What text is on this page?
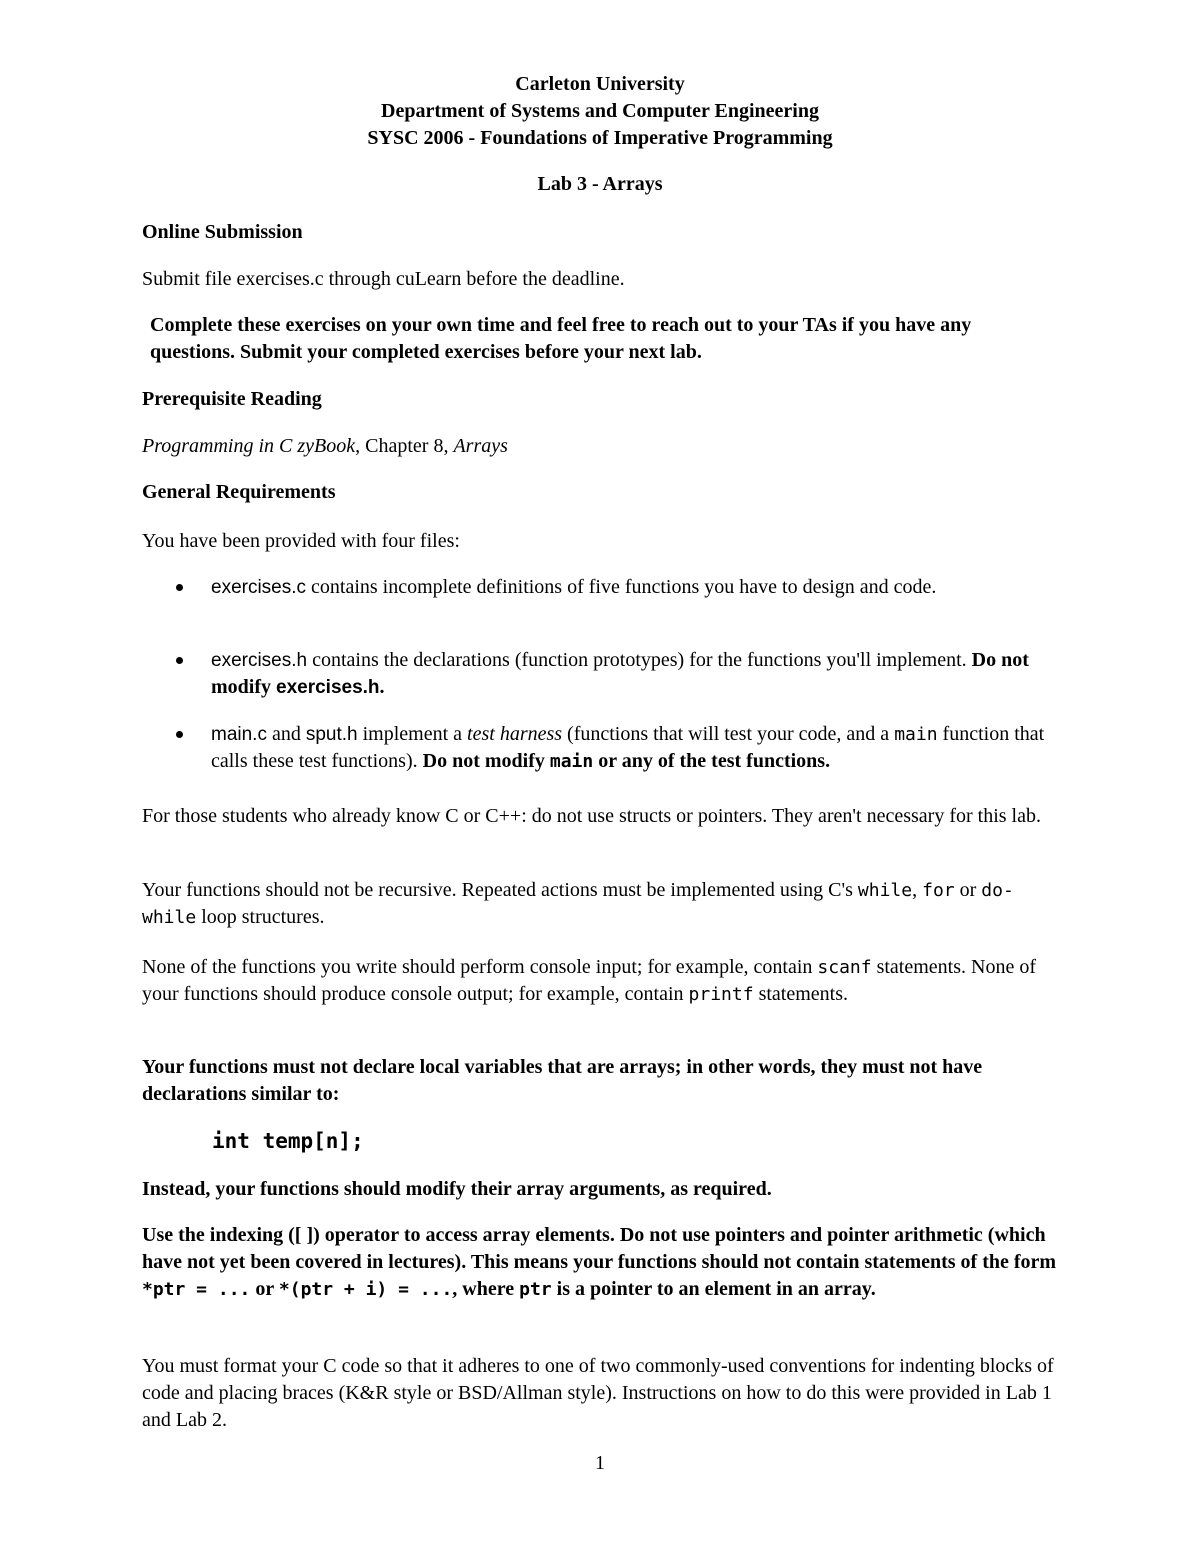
Carleton University
Department of Systems and Computer Engineering
SYSC 2006 - Foundations of Imperative Programming
Lab 3 - Arrays
Online Submission
Submit file exercises.c through cuLearn before the deadline.
Complete these exercises on your own time and feel free to reach out to your TAs if you have any questions. Submit your completed exercises before your next lab.
Prerequisite Reading
Programming in C zyBook, Chapter 8, Arrays
General Requirements
You have been provided with four files:
exercises.c contains incomplete definitions of five functions you have to design and code.
exercises.h contains the declarations (function prototypes) for the functions you'll implement. Do not modify exercises.h.
main.c and sput.h implement a test harness (functions that will test your code, and a main function that calls these test functions). Do not modify main or any of the test functions.
For those students who already know C or C++: do not use structs or pointers. They aren't necessary for this lab.
Your functions should not be recursive. Repeated actions must be implemented using C's while, for or do-while loop structures.
None of the functions you write should perform console input; for example, contain scanf statements. None of your functions should produce console output; for example, contain printf statements.
Your functions must not declare local variables that are arrays; in other words, they must not have declarations similar to:
int temp[n];
Instead, your functions should modify their array arguments, as required.
Use the indexing ([ ]) operator to access array elements. Do not use pointers and pointer arithmetic (which have not yet been covered in lectures). This means your functions should not contain statements of the form *ptr = ... or *(ptr + i) = ..., where ptr is a pointer to an element in an array.
You must format your C code so that it adheres to one of two commonly-used conventions for indenting blocks of code and placing braces (K&R style or BSD/Allman style). Instructions on how to do this were provided in Lab 1 and Lab 2.
1
